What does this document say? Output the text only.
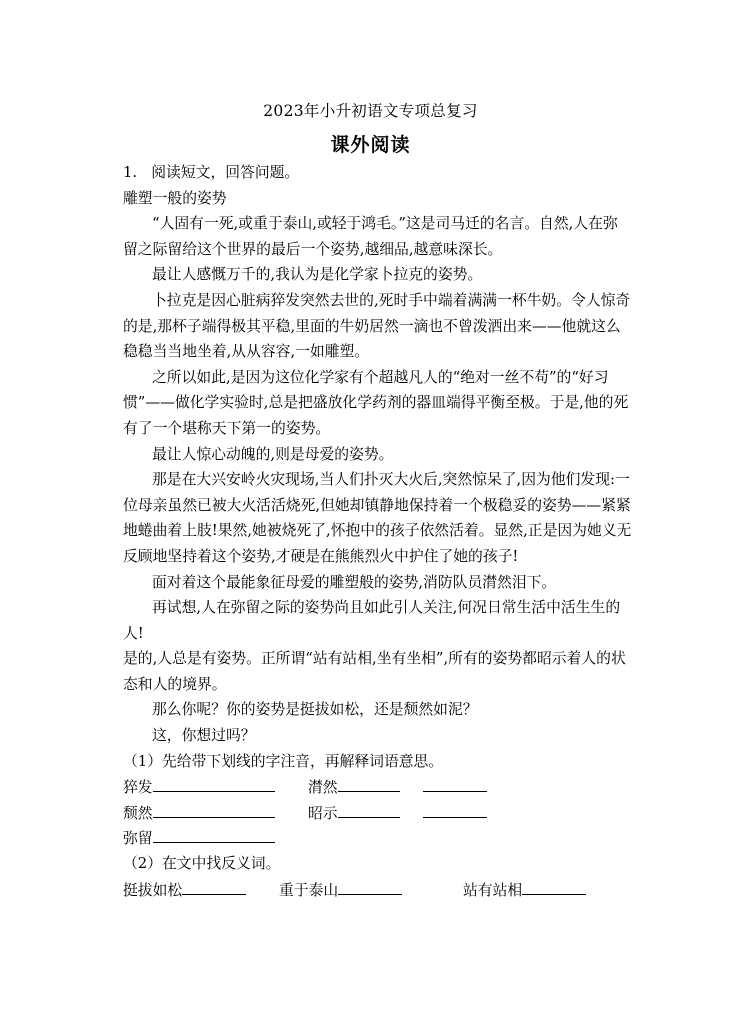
2023年小升初语文专项总复习
课外阅读
1. 阅读短文，回答问题。
雕塑一般的姿势
“人固有一死,或重于泰山,或轻于鸿毛。”这是司马迁的名言。自然,人在弥
留之际留给这个世界的最后一个姿势,越细品,越意味深长。
最让人感慨万千的,我认为是化学家卜拉克的姿势。
卜拉克是因心脏病猝发突然去世的,死时手中端着满满一杯牛奶。令人惊奇
的是,那杯子端得极其平稳,里面的牛奶居然一滴也不曾泼洒出来——他就这么
稳稳当当地坐着,从从容容,一如雕塑。
之所以如此,是因为这位化学家有个超越凡人的“绝对一丝不苟”的“好习
惯”——做化学实验时,总是把盛放化学药剂的器皿端得平衡至极。于是,他的死
有了一个堪称天下第一的姿势。
最让人惊心动魄的,则是母爱的姿势。
那是在大兴安岭火灾现场,当人们扑灭大火后,突然惊呆了,因为他们发现:一
位母亲虽然已被大火活活烧死,但她却镇静地保持着一个极稳妥的姿势——紧紧
地蜷曲着上肢!果然,她被烧死了,怀抱中的孩子依然活着。显然,正是因为她义无
反顾地坚持着这个姿势,才硬是在熊熊烈火中护住了她的孩子!
面对着这个最能象征母爱的雕塑般的姿势,消防队员潸然泪下。
再试想,人在弥留之际的姿势尚且如此引人关注,何况日常生活中活生生的
人!
是的,人总是有姿势。正所谓“站有站相,坐有坐相”,所有的姿势都昭示着人的状
态和人的境界。
那么你呢？你的姿势是挺拔如松，还是颓然如泥？
这，你想过吗？
（1）先给带下划线的字注音，再解释词语意思。
猝发	潸然
颓然	昭示
弥留
（2）在文中找反义词。
挺拔如松	重于泰山	站有站相
